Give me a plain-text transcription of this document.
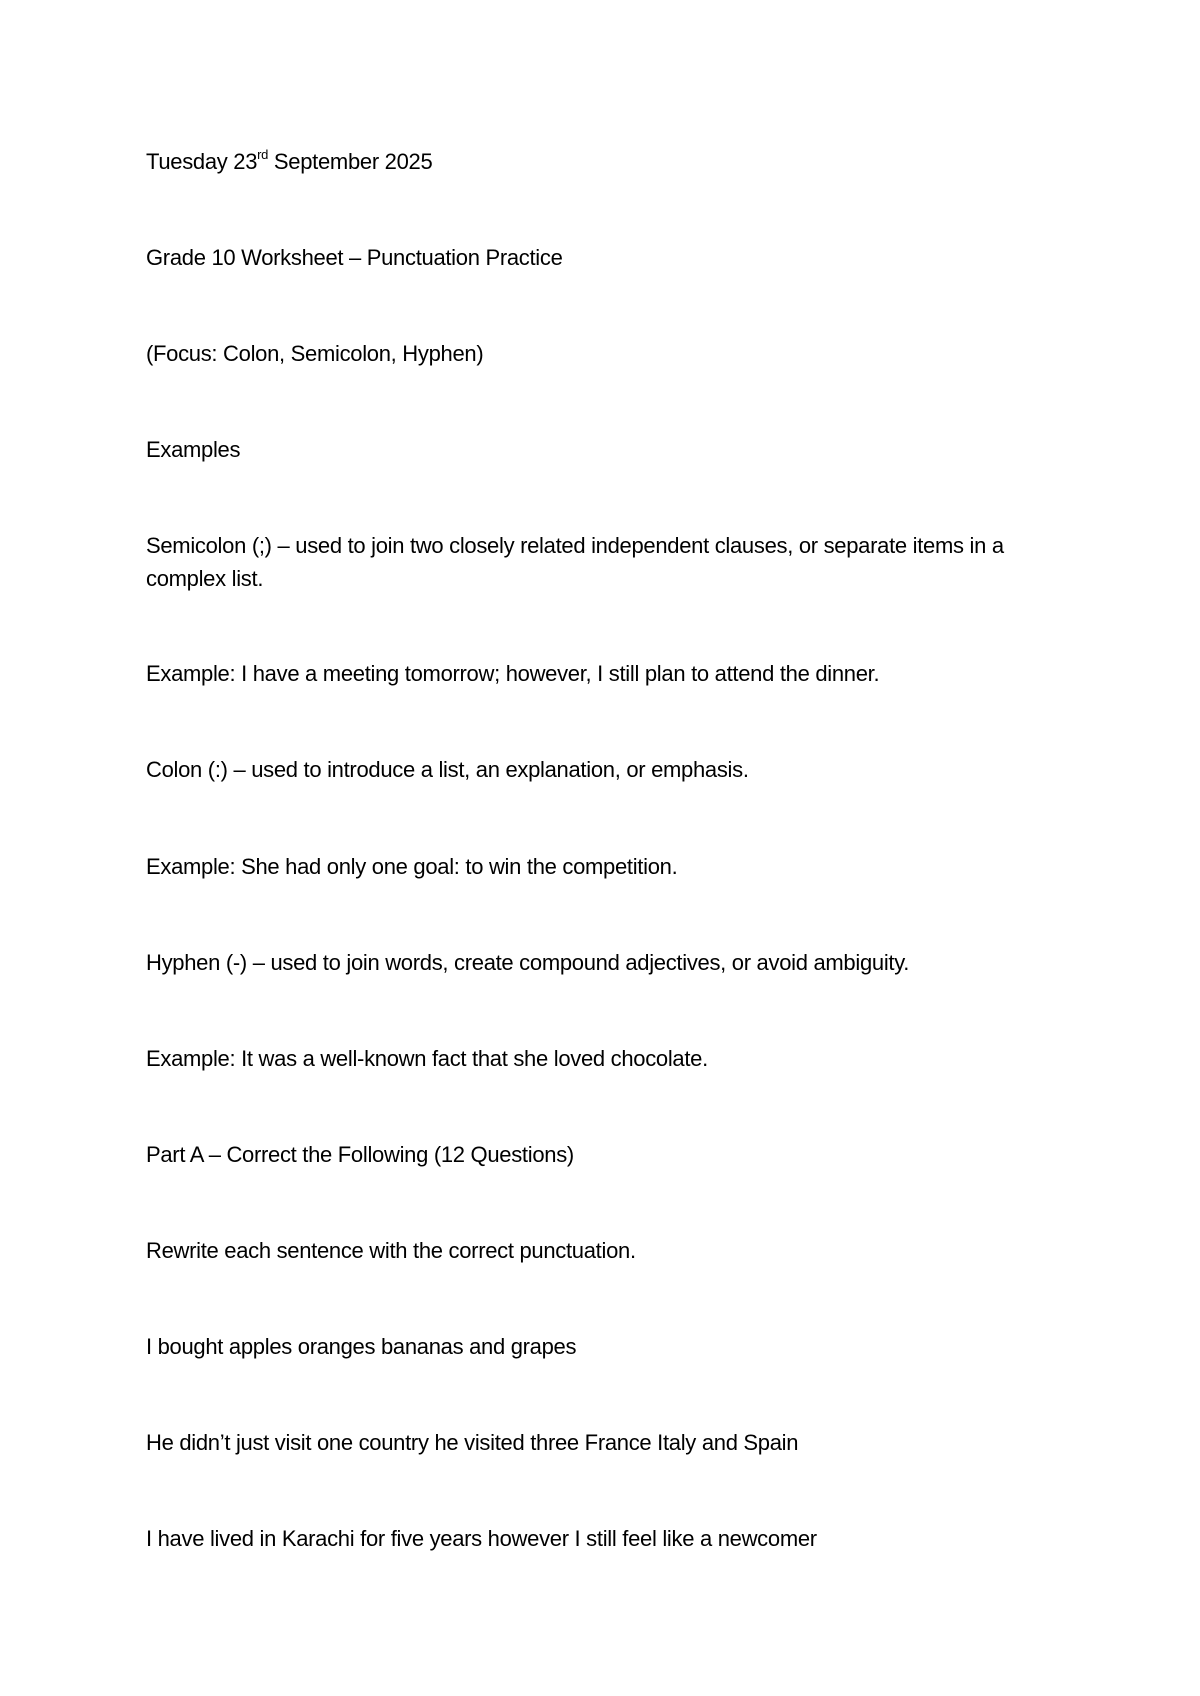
Tuesday 23rd September 2025

Grade 10 Worksheet – Punctuation Practice

(Focus: Colon, Semicolon, Hyphen)

Examples

Semicolon (;) – used to join two closely related independent clauses, or separate items in a complex list.

Example: I have a meeting tomorrow; however, I still plan to attend the dinner.

Colon (:) – used to introduce a list, an explanation, or emphasis.

Example: She had only one goal: to win the competition.

Hyphen (-) – used to join words, create compound adjectives, or avoid ambiguity.

Example: It was a well-known fact that she loved chocolate.

Part A – Correct the Following (12 Questions)

Rewrite each sentence with the correct punctuation.

I bought apples oranges bananas and grapes

He didn’t just visit one country he visited three France Italy and Spain

I have lived in Karachi for five years however I still feel like a newcomer
